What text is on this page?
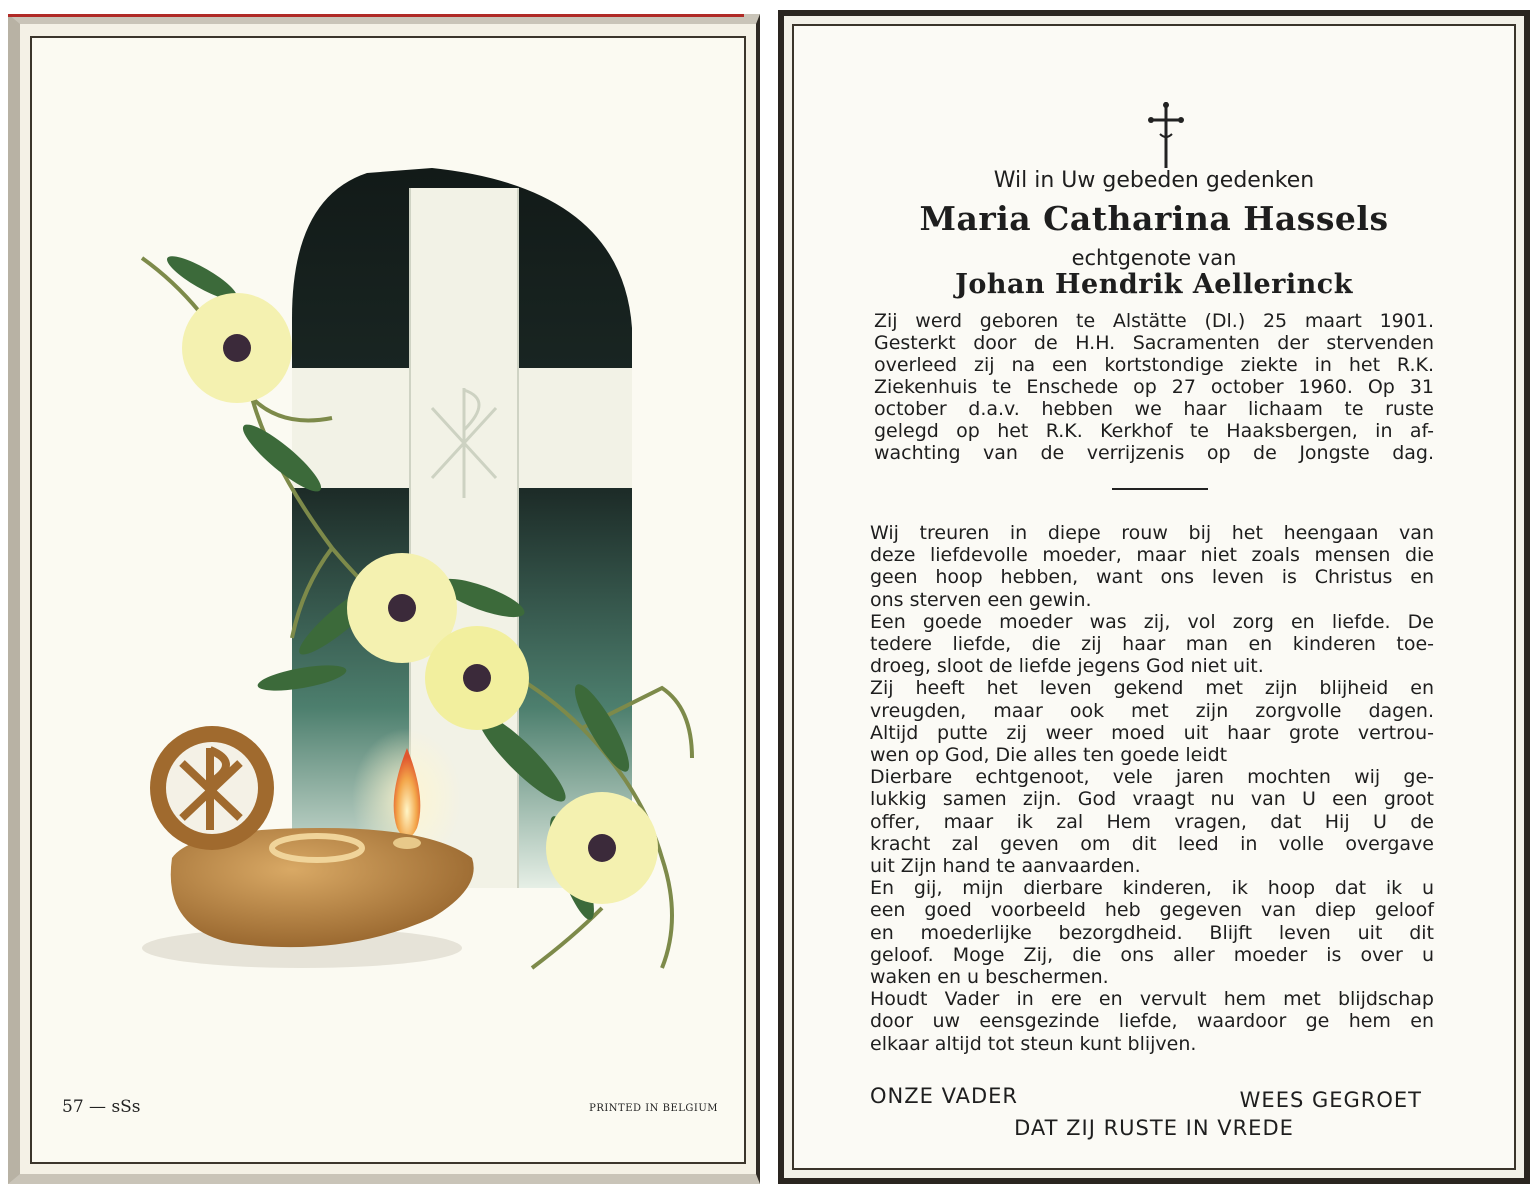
57 — sSs	PRINTED IN BELGIUM
Wil in Uw gebeden gedenken
Maria Catharina Hassels
echtgenote van
Johan Hendrik Aellerinck
Zij werd geboren te Alstätte (Dl.) 25 maart 1901.
Gesterkt door de H.H. Sacramenten der stervenden
overleed zij na een kortstondige ziekte in het R.K.
Ziekenhuis te Enschede op 27 october 1960. Op 31
october d.a.v. hebben we haar lichaam te ruste
gelegd op het R.K. Kerkhof te Haaksbergen, in af-
wachting van de verrijzenis op de Jongste dag.
Wij treuren in diepe rouw bij het heengaan van
deze liefdevolle moeder, maar niet zoals mensen die
geen hoop hebben, want ons leven is Christus en
ons sterven een gewin.
Een goede moeder was zij, vol zorg en liefde. De
tedere liefde, die zij haar man en kinderen toe-
droeg, sloot de liefde jegens God niet uit.
Zij heeft het leven gekend met zijn blijheid en
vreugden, maar ook met zijn zorgvolle dagen.
Altijd putte zij weer moed uit haar grote vertrou-
wen op God, Die alles ten goede leidt
Dierbare echtgenoot, vele jaren mochten wij ge-
lukkig samen zijn. God vraagt nu van U een groot
offer, maar ik zal Hem vragen, dat Hij U de
kracht zal geven om dit leed in volle overgave
uit Zijn hand te aanvaarden.
En gij, mijn dierbare kinderen, ik hoop dat ik u
een goed voorbeeld heb gegeven van diep geloof
en moederlijke bezorgdheid. Blijft leven uit dit
geloof. Moge Zij, die ons aller moeder is over u
waken en u beschermen.
Houdt Vader in ere en vervult hem met blijdschap
door uw eensgezinde liefde, waardoor ge hem en
elkaar altijd tot steun kunt blijven.
ONZE VADER	WEES GEGROET
DAT ZIJ RUSTE IN VREDE
